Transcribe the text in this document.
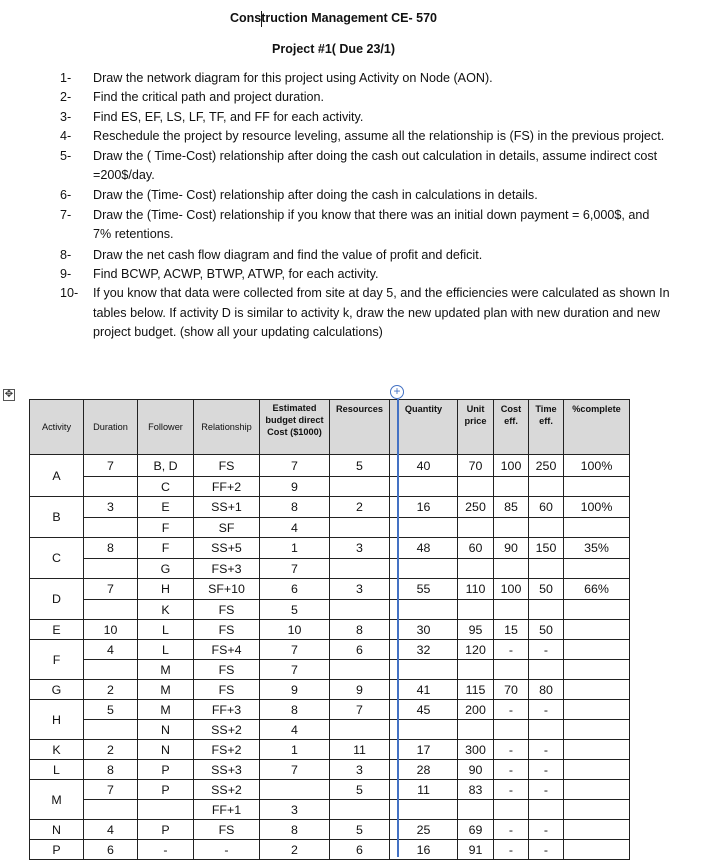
Construction Management CE- 570
Project #1( Due 23/1)
1-	Draw the network diagram for this project using Activity on Node (AON).
2-	Find the critical path and project duration.
3-	Find ES, EF, LS, LF, TF, and FF for each activity.
4-	Reschedule the project by resource leveling, assume all the relationship is (FS) in the previous project.
5-	Draw the ( Time-Cost) relationship after doing the cash out calculation in details, assume indirect cost =200$/day.
6-	Draw the (Time- Cost) relationship after doing the cash in calculations in details.
7-	Draw the (Time- Cost) relationship if you know that there was an initial down payment = 6,000$, and 7% retentions.
8-	Draw the net cash flow diagram and find the value of profit and deficit.
9-	Find BCWP, ACWP, BTWP, ATWP, for each activity.
10-	If you know that data were collected from site at day 5, and the efficiencies were calculated as shown In tables below. If activity D is similar to activity k, draw the new updated plan with new duration and new project budget. (show all your updating calculations)
✥	+
Activity	Duration	Follower	Relationship	Estimated budget direct Cost ($1000)	Resources	Quantity	Unit price	Cost eff.	Time eff.	%complete
A	7	B, D	FS	7	5	40	70	100	250	100%
		C	FF+2	9						
B	3	E	SS+1	8	2	16	250	85	60	100%
		F	SF	4						
C	8	F	SS+5	1	3	48	60	90	150	35%
		G	FS+3	7						
D	7	H	SF+10	6	3	55	110	100	50	66%
		K	FS	5						
E	10	L	FS	10	8	30	95	15	50	
F	4	L	FS+4	7	6	32	120	-	-	
		M	FS	7						
G	2	M	FS	9	9	41	115	70	80	
H	5	M	FF+3	8	7	45	200	-	-	
		N	SS+2	4						
K	2	N	FS+2	1	11	17	300	-	-	
L	8	P	SS+3	7	3	28	90	-	-	
M	7	P	SS+2		5	11	83	-	-	
			FF+1	3						
N	4	P	FS	8	5	25	69	-	-	
P	6	-	-	2	6	16	91	-	-	
